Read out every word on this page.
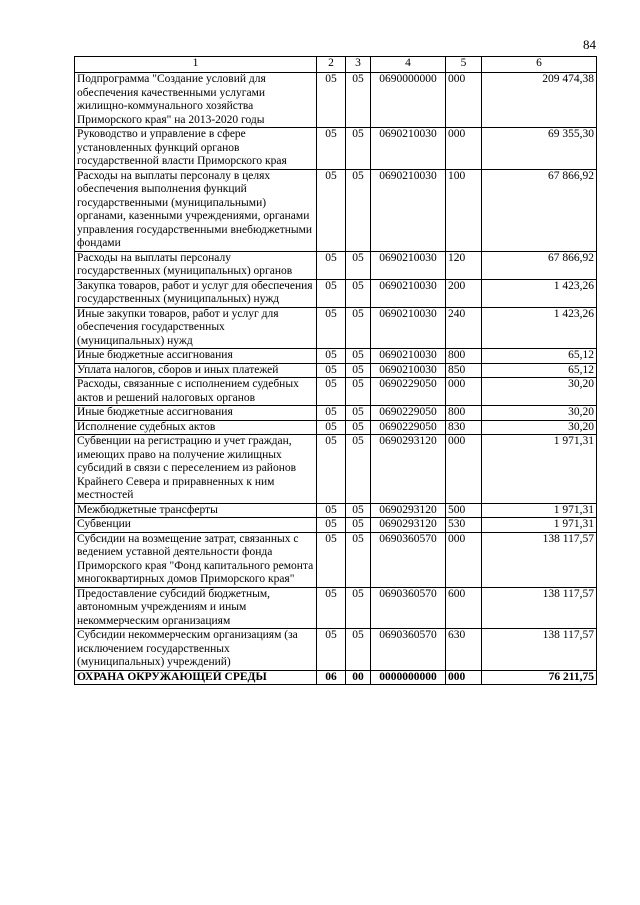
84
1	2	3	4	5	6
Подпрограмма "Создание условий для обеспечения качественными услугами жилищно-коммунального хозяйства Приморского края" на 2013-2020 годы	05	05	0690000000	000	209 474,38
Руководство и управление в сфере установленных функций органов государственной власти Приморского края	05	05	0690210030	000	69 355,30
Расходы на выплаты персоналу в целях обеспечения выполнения функций государственными (муниципальными) органами, казенными учреждениями, органами управления государственными внебюджетными фондами	05	05	0690210030	100	67 866,92
Расходы на выплаты персоналу государственных (муниципальных) органов	05	05	0690210030	120	67 866,92
Закупка товаров, работ и услуг для обеспечения государственных (муниципальных) нужд	05	05	0690210030	200	1 423,26
Иные закупки товаров, работ и услуг для обеспечения государственных (муниципальных) нужд	05	05	0690210030	240	1 423,26
Иные бюджетные ассигнования	05	05	0690210030	800	65,12
Уплата налогов, сборов и иных платежей	05	05	0690210030	850	65,12
Расходы, связанные с исполнением судебных актов и решений налоговых органов	05	05	0690229050	000	30,20
Иные бюджетные ассигнования	05	05	0690229050	800	30,20
Исполнение судебных актов	05	05	0690229050	830	30,20
Субвенции на регистрацию и учет граждан, имеющих право на получение жилищных субсидий в связи с переселением из районов Крайнего Севера и приравненных к ним местностей	05	05	0690293120	000	1 971,31
Межбюджетные трансферты	05	05	0690293120	500	1 971,31
Субвенции	05	05	0690293120	530	1 971,31
Субсидии на возмещение затрат, связанных с ведением уставной деятельности фонда Приморского края "Фонд капитального ремонта многоквартирных домов Приморского края"	05	05	0690360570	000	138 117,57
Предоставление субсидий бюджетным, автономным учреждениям и иным некоммерческим организациям	05	05	0690360570	600	138 117,57
Субсидии некоммерческим организациям (за исключением государственных (муниципальных) учреждений)	05	05	0690360570	630	138 117,57
ОХРАНА ОКРУЖАЮЩЕЙ СРЕДЫ	06	00	0000000000	000	76 211,75
